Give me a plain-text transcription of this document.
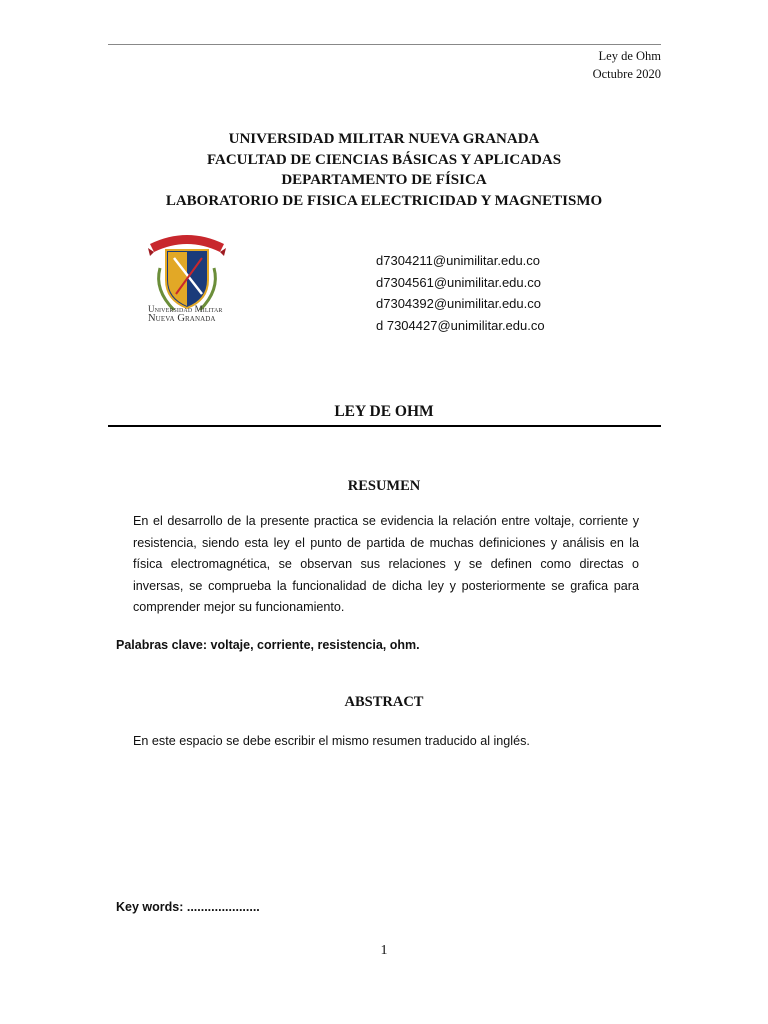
Ley de Ohm
Octubre 2020
UNIVERSIDAD MILITAR NUEVA GRANADA
FACULTAD DE CIENCIAS BÁSICAS Y APLICADAS
DEPARTAMENTO DE FÍSICA
LABORATORIO DE FISICA ELECTRICIDAD Y MAGNETISMO
Universidad Militar
Nueva Granada
d7304211@unimilitar.edu.co
d7304561@unimilitar.edu.co
d7304392@unimilitar.edu.co
d 7304427@unimilitar.edu.co
LEY DE OHM
RESUMEN
En el desarrollo de la presente practica se evidencia la relación entre voltaje, corriente y resistencia, siendo esta ley el punto de partida de muchas definiciones y análisis en la física electromagnética, se observan sus relaciones y se definen como directas o inversas, se comprueba la funcionalidad de dicha ley y posteriormente se grafica para comprender mejor su funcionamiento.
Palabras clave: voltaje, corriente, resistencia, ohm.
ABSTRACT
En este espacio se debe escribir el mismo resumen traducido al inglés.
Key words: .....................
1
